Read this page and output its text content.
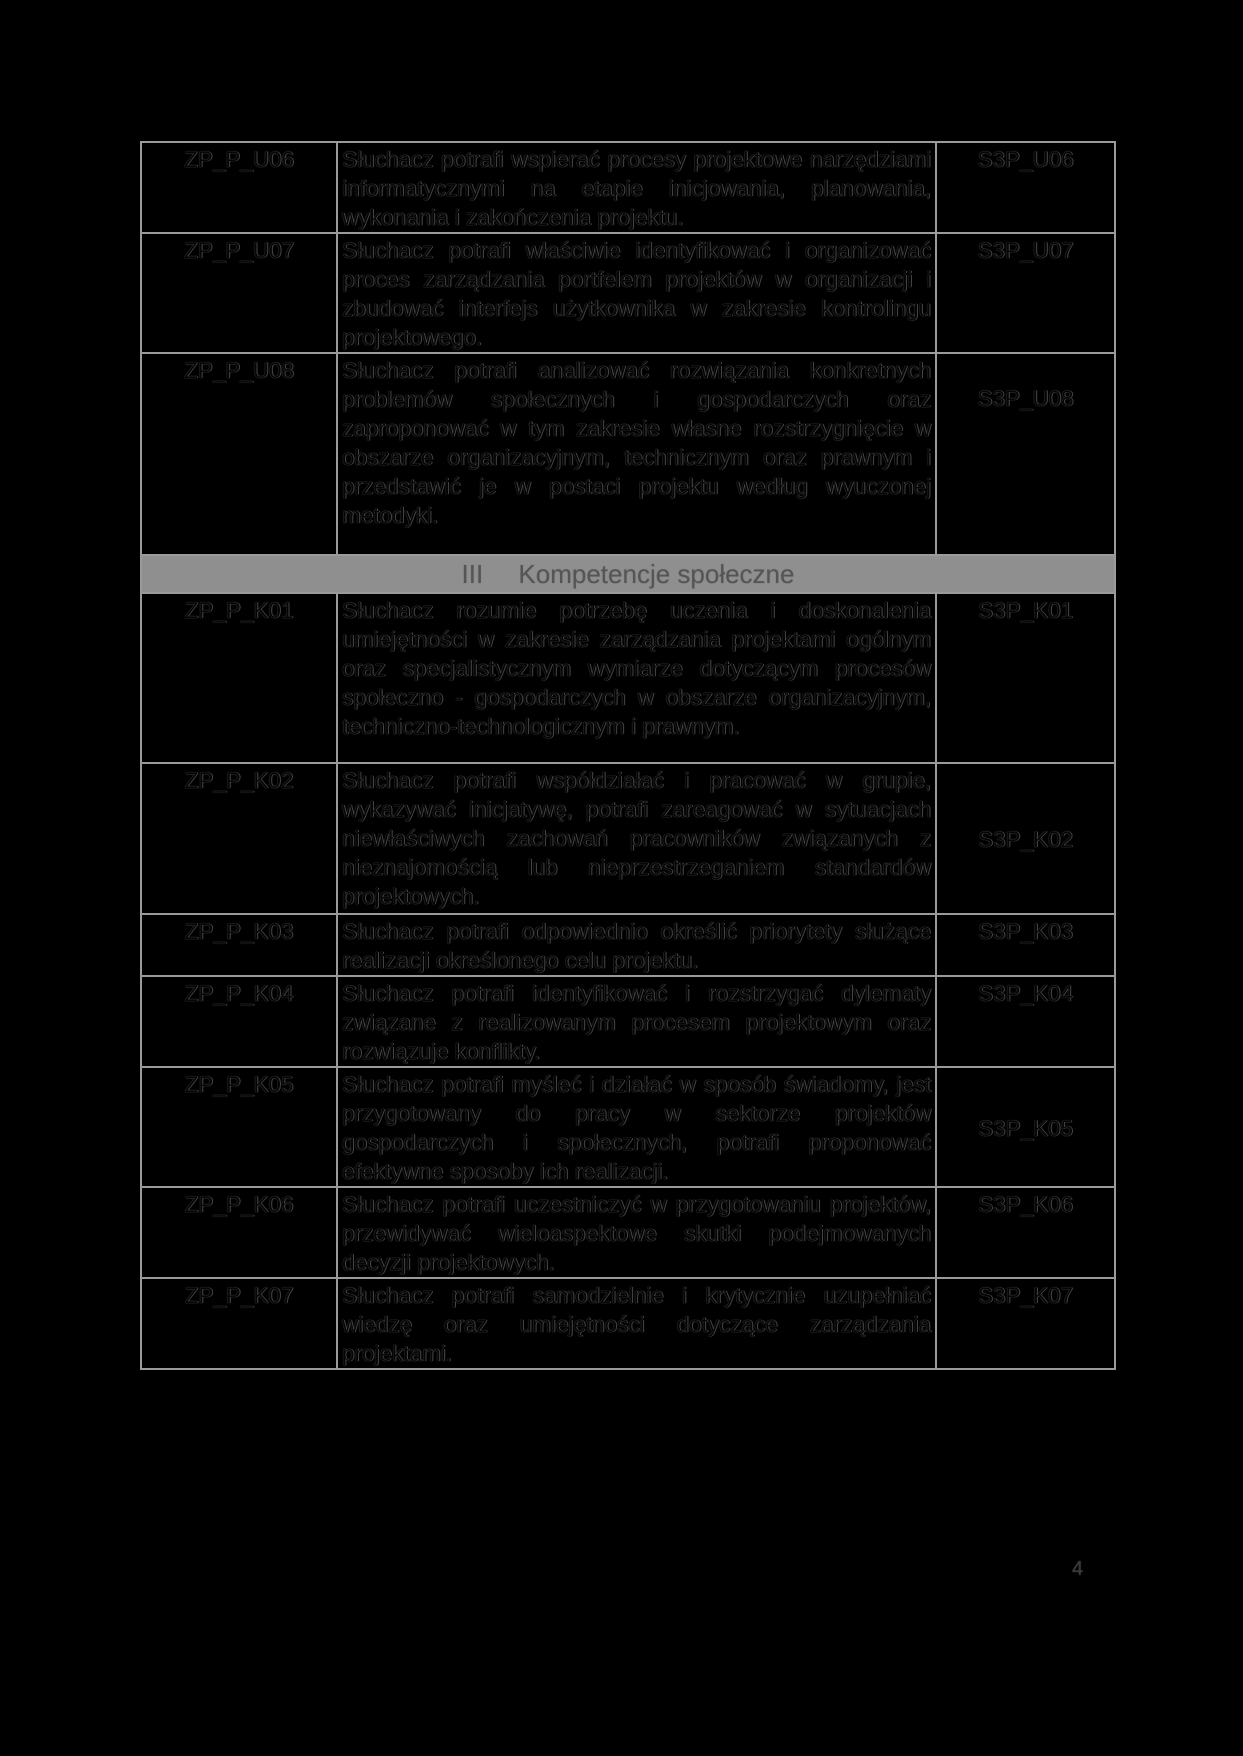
ZP_P_U06	Słuchacz potrafi wspierać procesy projektowe narzędziami informatycznymi na etapie inicjowania, planowania, wykonania i zakończenia projektu.	S3P_U06
ZP_P_U07	Słuchacz potrafi właściwie identyfikować i organizować proces zarządzania portfelem projektów w organizacji i zbudować interfejs użytkownika w zakresie kontrolingu projektowego.	S3P_U07
ZP_P_U08	Słuchacz potrafi analizować rozwiązania konkretnych problemów społecznych i gospodarczych oraz zaproponować w tym zakresie własne rozstrzygnięcie w obszarze organizacyjnym, technicznym oraz prawnym i przedstawić je w postaci projektu według wyuczonej metodyki.	S3P_U08
III Kompetencje społeczne		
ZP_P_K01	Słuchacz rozumie potrzebę uczenia i doskonalenia umiejętności w zakresie zarządzania projektami ogólnym oraz specjalistycznym wymiarze dotyczącym procesów społeczno - gospodarczych w obszarze organizacyjnym, techniczno-technologicznym i prawnym.	S3P_K01
ZP_P_K02	Słuchacz potrafi współdziałać i pracować w grupie, wykazywać inicjatywę, potrafi zareagować w sytuacjach niewłaściwych zachowań pracowników związanych z nieznajomością lub nieprzestrzeganiem standardów projektowych.	S3P_K02
ZP_P_K03	Słuchacz potrafi odpowiednio określić priorytety służące realizacji określonego celu projektu.	S3P_K03
ZP_P_K04	Słuchacz potrafi identyfikować i rozstrzygać dylematy związane z realizowanym procesem projektowym oraz rozwiązuje konflikty.	S3P_K04
ZP_P_K05	Słuchacz potrafi myśleć i działać w sposób świadomy, jest przygotowany do pracy w sektorze projektów gospodarczych i społecznych, potrafi proponować efektywne sposoby ich realizacji.	S3P_K05
ZP_P_K06	Słuchacz potrafi uczestniczyć w przygotowaniu projektów, przewidywać wieloaspektowe skutki podejmowanych decyzji projektowych.	S3P_K06
ZP_P_K07	Słuchacz potrafi samodzielnie i krytycznie uzupełniać wiedzę oraz umiejętności dotyczące zarządzania projektami.	S3P_K07
4
